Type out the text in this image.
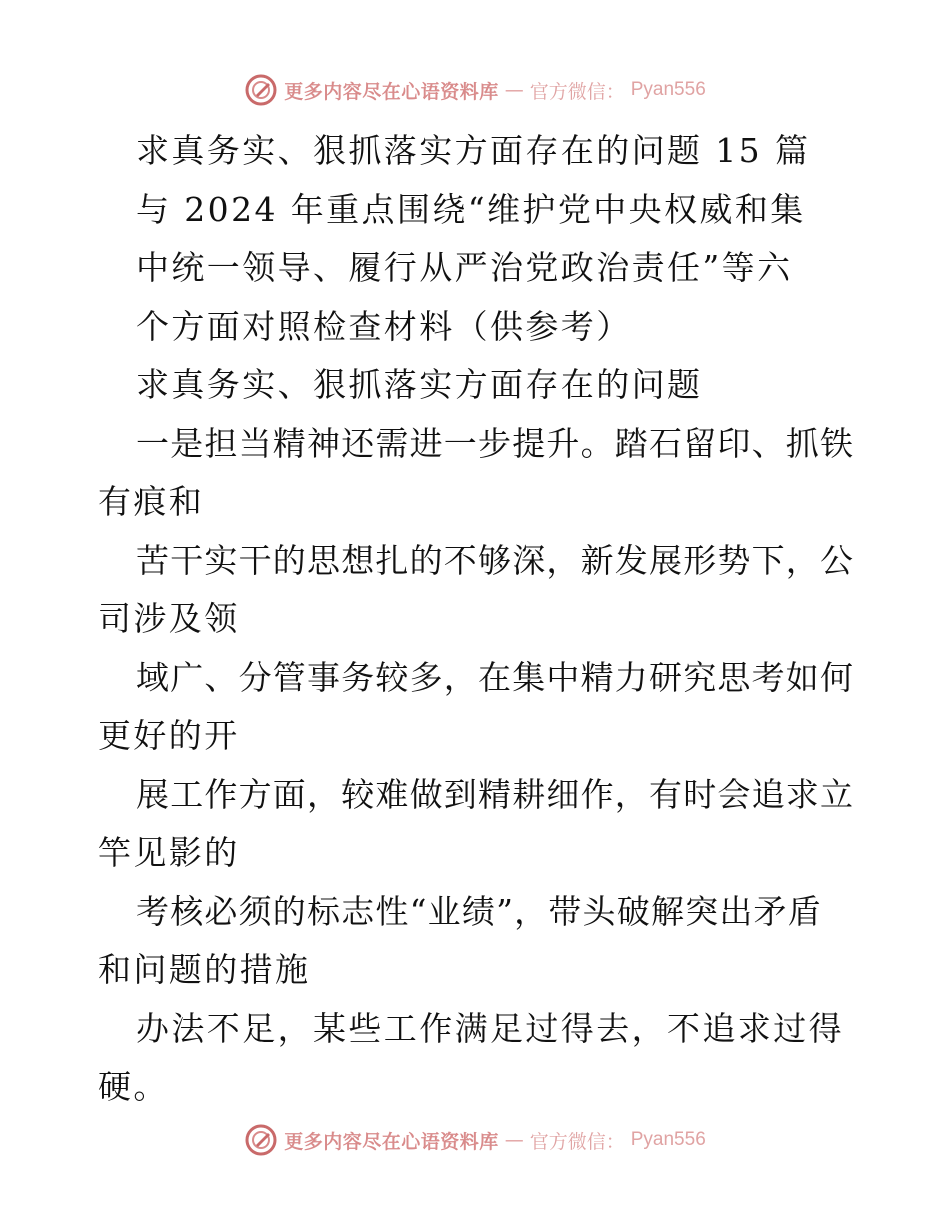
更多内容尽在心语资料库 — 官方微信： Pyan556
求真务实、狠抓落实方面存在的问题 15 篇
与 2024 年重点围绕“维护党中央权威和集
中统一领导、履行从严治党政治责任”等六
个方面对照检查材料（供参考）
求真务实、狠抓落实方面存在的问题
一是担当精神还需进一步提升。踏石留印、抓铁
有痕和
苦干实干的思想扎的不够深，新发展形势下，公
司涉及领
域广、分管事务较多，在集中精力研究思考如何
更好的开
展工作方面，较难做到精耕细作，有时会追求立
竿见影的
考核必须的标志性“业绩”，带头破解突出矛盾
和问题的措施
办法不足，某些工作满足过得去，不追求过得
硬。
更多内容尽在心语资料库 — 官方微信： Pyan556
